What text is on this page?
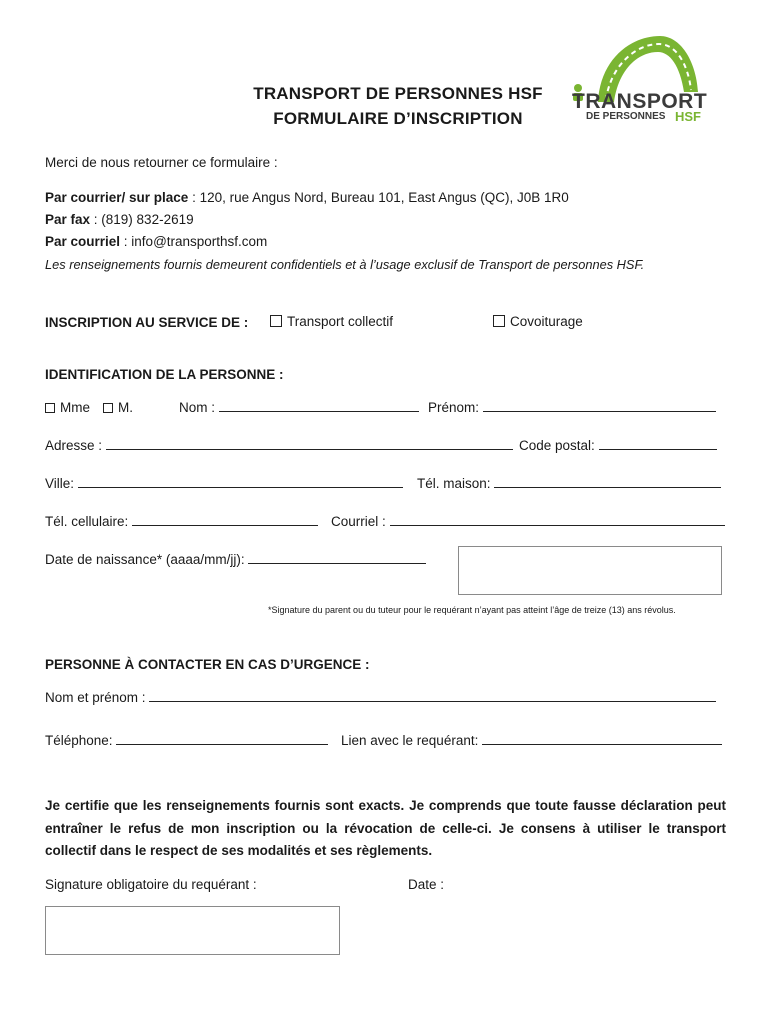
TRANSPORT
DE PERSONNES HSF
TRANSPORT DE PERSONNES HSF
FORMULAIRE D’INSCRIPTION
Merci de nous retourner ce formulaire :
Par courrier/ sur place : 120, rue Angus Nord, Bureau 101, East Angus (QC), J0B 1R0
Par fax : (819) 832-2619
Par courriel : info@transporthsf.com
Les renseignements fournis demeurent confidentiels et à l’usage exclusif de Transport de personnes HSF.
INSCRIPTION AU SERVICE DE :	Transport collectif	Covoiturage
IDENTIFICATION DE LA PERSONNE :
Mme	M.	Nom :	Prénom:
Adresse :	Code postal:
Ville:	Tél. maison:
Tél. cellulaire:	Courriel :
Date de naissance* (aaaa/mm/jj):
*Signature du parent ou du tuteur pour le requérant n’ayant pas atteint l’âge de treize (13) ans révolus.
PERSONNE À CONTACTER EN CAS D’URGENCE :
Nom et prénom :
Téléphone:	Lien avec le requérant:
Je certifie que les renseignements fournis sont exacts. Je comprends que toute fausse déclaration peut entraîner le refus de mon inscription ou la révocation de celle-ci. Je consens à utiliser le transport collectif dans le respect de ses modalités et ses règlements.
Signature obligatoire du requérant :	Date :
